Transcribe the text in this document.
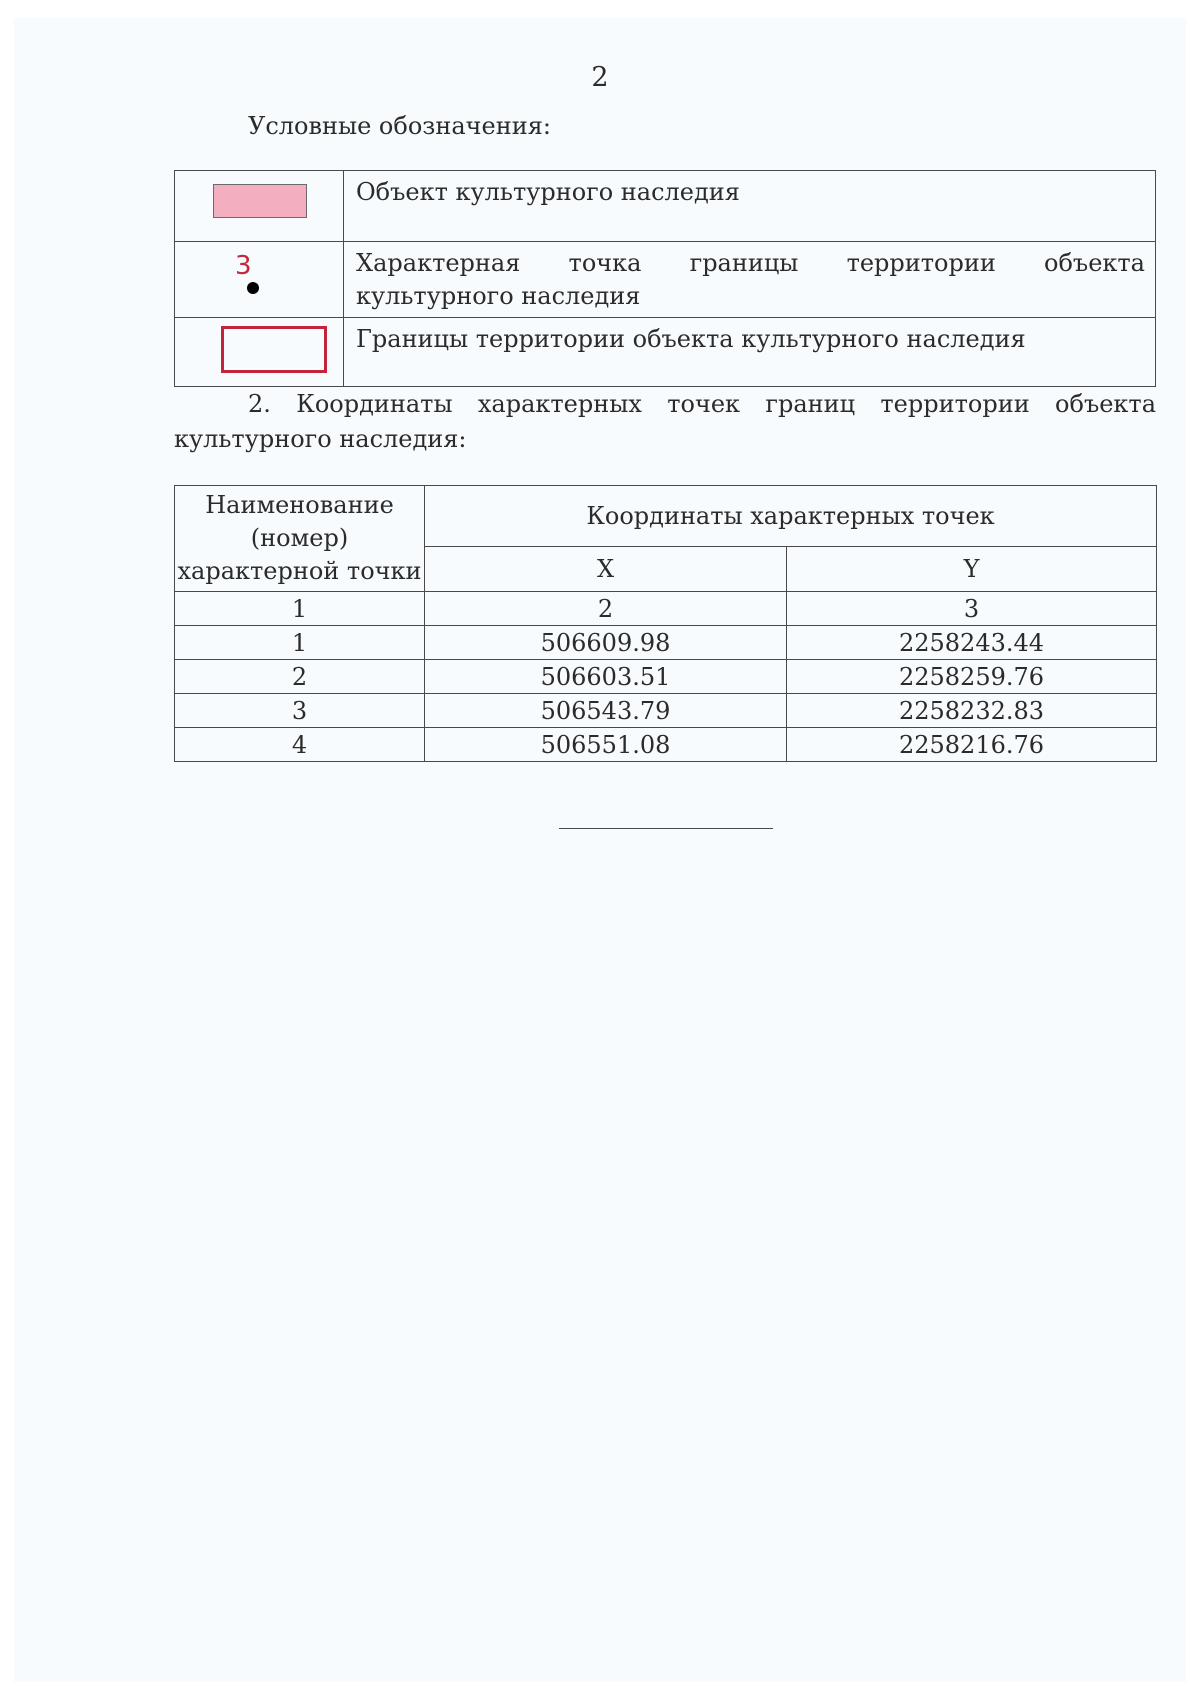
2
Условные обозначения:
	Объект культурного наследия

3	Характерная точка границы территории объекта культурного наследия

	Границы территории объекта культурного наследия

2. Координаты характерных точек границ территории объекта культурного наследия:

Наименование (номер) характерной точки	Координаты характерных точек	
	X	Y
1	2	3
1	506609.98	2258243.44
2	506603.51	2258259.76
3	506543.79	2258232.83
4	506551.08	2258216.76
